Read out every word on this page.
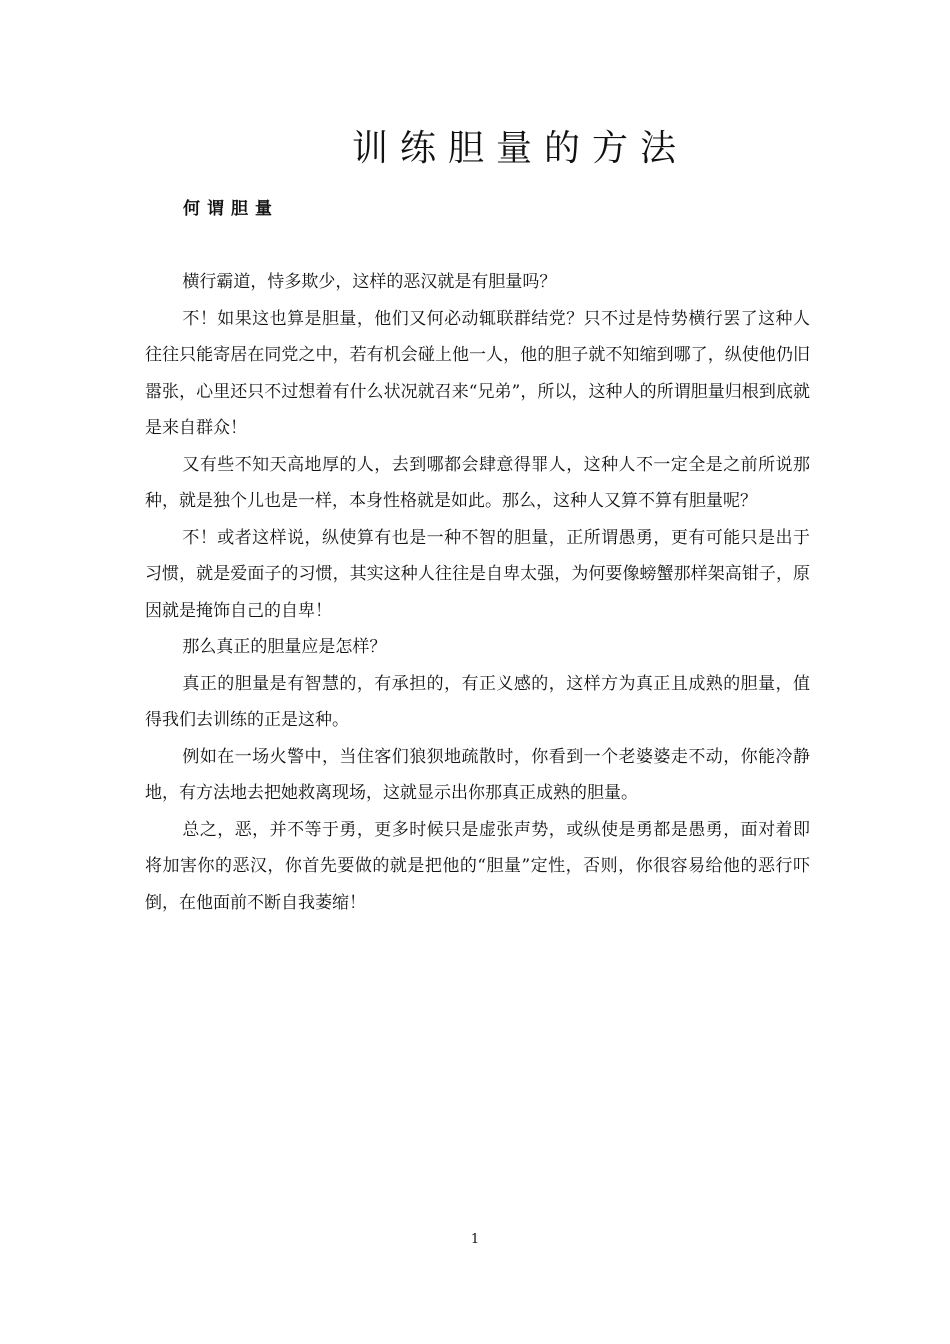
训练胆量的方法
何谓胆量

横行霸道，恃多欺少，这样的恶汉就是有胆量吗？

不！如果这也算是胆量，他们又何必动辄联群结党？只不过是恃势横行罢了这种人往往只能寄居在同党之中，若有机会碰上他一人，他的胆子就不知缩到哪了，纵使他仍旧嚣张，心里还只不过想着有什么状况就召来“兄弟”，所以，这种人的所谓胆量归根到底就是来自群众！

又有些不知天高地厚的人，去到哪都会肆意得罪人，这种人不一定全是之前所说那种，就是独个儿也是一样，本身性格就是如此。那么，这种人又算不算有胆量呢？

不！或者这样说，纵使算有也是一种不智的胆量，正所谓愚勇，更有可能只是出于习惯，就是爱面子的习惯，其实这种人往往是自卑太强，为何要像螃蟹那样架高钳子，原因就是掩饰自己的自卑！

那么真正的胆量应是怎样？

真正的胆量是有智慧的，有承担的，有正义感的，这样方为真正且成熟的胆量，值得我们去训练的正是这种。

例如在一场火警中，当住客们狼狈地疏散时，你看到一个老婆婆走不动，你能冷静地，有方法地去把她救离现场，这就显示出你那真正成熟的胆量。

总之，恶，并不等于勇，更多时候只是虚张声势，或纵使是勇都是愚勇，面对着即将加害你的恶汉，你首先要做的就是把他的“胆量”定性，否则，你很容易给他的恶行吓倒，在他面前不断自我萎缩！

1
